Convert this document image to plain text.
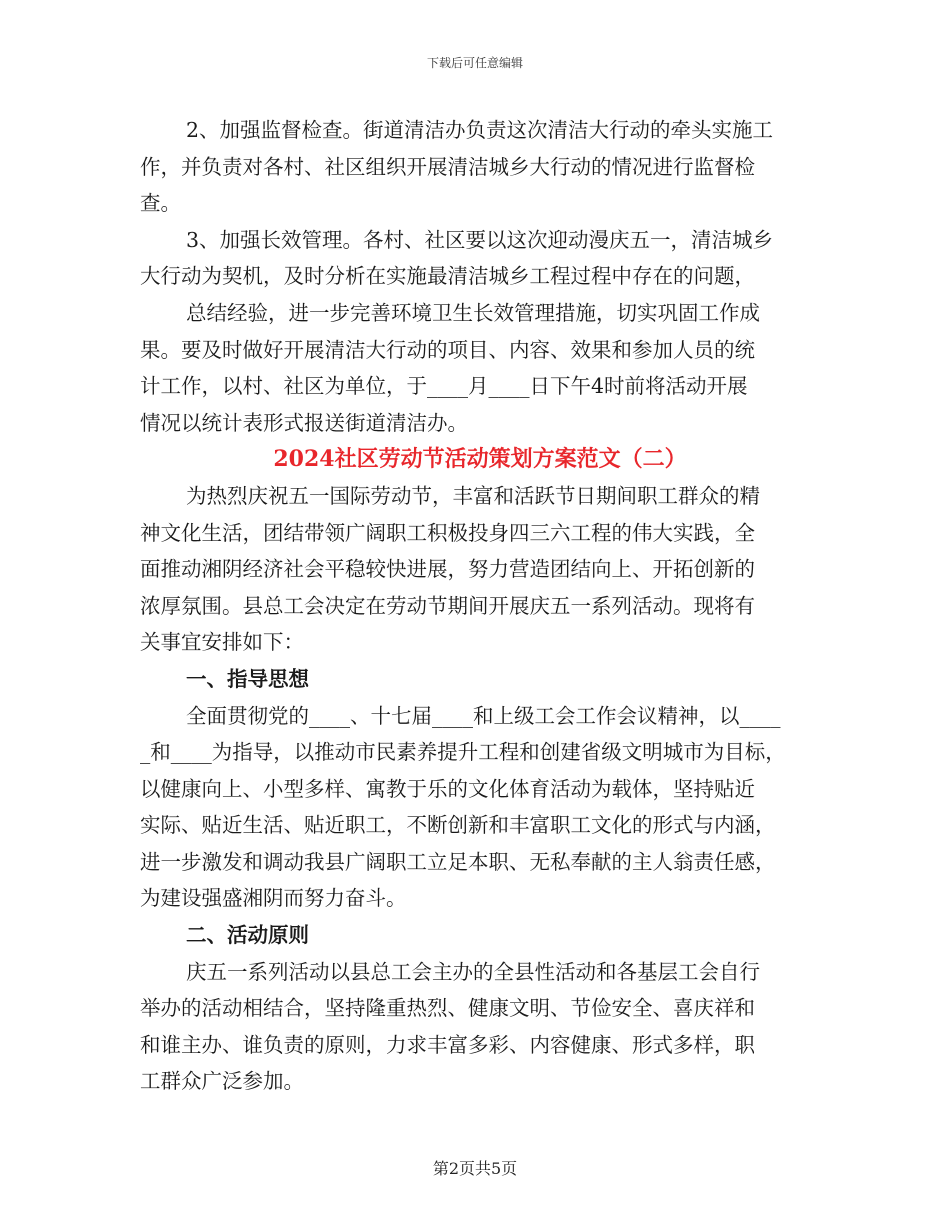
下载后可任意编辑
2、加强监督检查。街道清洁办负责这次清洁大行动的牵头实施工
作，并负责对各村、社区组织开展清洁城乡大行动的情况进行监督检
查。
3、加强长效管理。各村、社区要以这次迎动漫庆五一，清洁城乡
大行动为契机，及时分析在实施最清洁城乡工程过程中存在的问题，
总结经验，进一步完善环境卫生长效管理措施，切实巩固工作成
果。要及时做好开展清洁大行动的项目、内容、效果和参加人员的统
计工作，以村、社区为单位，于____月____日下午4时前将活动开展
情况以统计表形式报送街道清洁办。
2024社区劳动节活动策划方案范文（二）
为热烈庆祝五一国际劳动节，丰富和活跃节日期间职工群众的精
神文化生活，团结带领广阔职工积极投身四三六工程的伟大实践，全
面推动湘阴经济社会平稳较快进展，努力营造团结向上、开拓创新的
浓厚氛围。县总工会决定在劳动节期间开展庆五一系列活动。现将有
关事宜安排如下：
一、指导思想
全面贯彻党的____、十七届____和上级工会工作会议精神，以____
_和____为指导，以推动市民素养提升工程和创建省级文明城市为目标，
以健康向上、小型多样、寓教于乐的文化体育活动为载体，坚持贴近
实际、贴近生活、贴近职工，不断创新和丰富职工文化的形式与内涵，
进一步激发和调动我县广阔职工立足本职、无私奉献的主人翁责任感，
为建设强盛湘阴而努力奋斗。
二、活动原则
庆五一系列活动以县总工会主办的全县性活动和各基层工会自行
举办的活动相结合，坚持隆重热烈、健康文明、节俭安全、喜庆祥和
和谁主办、谁负责的原则，力求丰富多彩、内容健康、形式多样，职
工群众广泛参加。
第2页共5页
